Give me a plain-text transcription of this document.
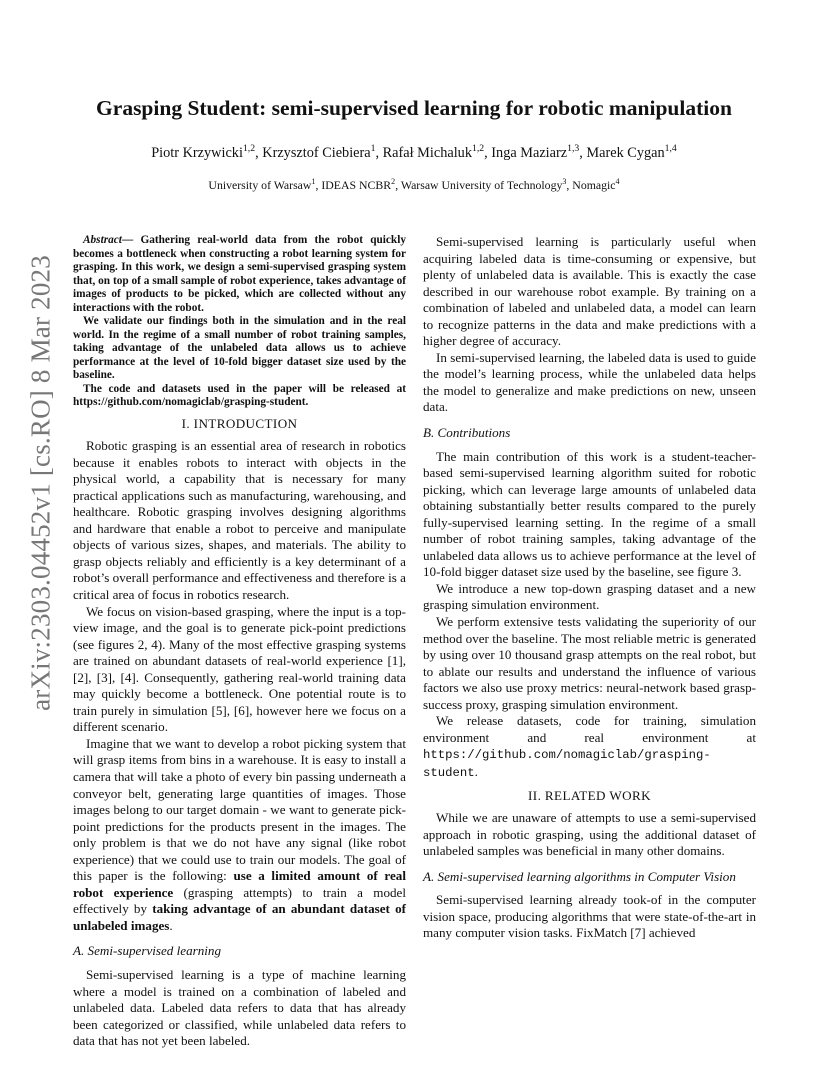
arXiv:2303.04452v1 [cs.RO] 8 Mar 2023
Grasping Student: semi-supervised learning for robotic manipulation
Piotr Krzywicki$^{1,2}$, Krzysztof Ciebiera$^1$, Rafał Michaluk$^{1,2}$, Inga Maziarz$^{1,3}$, Marek Cygan$^{1,4}$
University of Warsaw$^1$, IDEAS NCBR$^2$, Warsaw University of Technology$^3$, Nomagic$^4$

Abstract— Gathering real-world data from the robot quickly becomes a bottleneck when constructing a robot learning system for grasping. In this work, we design a semi-supervised grasping system that, on top of a small sample of robot experience, takes advantage of images of products to be picked, which are collected without any interactions with the robot.

We validate our findings both in the simulation and in the real world. In the regime of a small number of robot training samples, taking advantage of the unlabeled data allows us to achieve performance at the level of 10-fold bigger dataset size used by the baseline.

The code and datasets used in the paper will be released at https://github.com/nomagiclab/grasping-student.

I. INTRODUCTION

Robotic grasping is an essential area of research in robotics because it enables robots to interact with objects in the physical world, a capability that is necessary for many practical applications such as manufacturing, warehousing, and healthcare. Robotic grasping involves designing algorithms and hardware that enable a robot to perceive and manipulate objects of various sizes, shapes, and materials. The ability to grasp objects reliably and efficiently is a key determinant of a robot’s overall performance and effectiveness and therefore is a critical area of focus in robotics research.

We focus on vision-based grasping, where the input is a top-view image, and the goal is to generate pick-point predictions (see figures 2, 4). Many of the most effective grasping systems are trained on abundant datasets of real-world experience [1], [2], [3], [4]. Consequently, gathering real-world training data may quickly become a bottleneck. One potential route is to train purely in simulation [5], [6], however here we focus on a different scenario.

Imagine that we want to develop a robot picking system that will grasp items from bins in a warehouse. It is easy to install a camera that will take a photo of every bin passing underneath a conveyor belt, generating large quantities of images. Those images belong to our target domain - we want to generate pick-point predictions for the products present in the images. The only problem is that we do not have any signal (like robot experience) that we could use to train our models. The goal of this paper is the following: use a limited amount of real robot experience (grasping attempts) to train a model effectively by taking advantage of an abundant dataset of unlabeled images.

A. Semi-supervised learning

Semi-supervised learning is a type of machine learning where a model is trained on a combination of labeled and unlabeled data. Labeled data refers to data that has already been categorized or classified, while unlabeled data refers to data that has not yet been labeled.

Semi-supervised learning is particularly useful when acquiring labeled data is time-consuming or expensive, but plenty of unlabeled data is available. This is exactly the case described in our warehouse robot example. By training on a combination of labeled and unlabeled data, a model can learn to recognize patterns in the data and make predictions with a higher degree of accuracy.

In semi-supervised learning, the labeled data is used to guide the model’s learning process, while the unlabeled data helps the model to generalize and make predictions on new, unseen data.

B. Contributions

The main contribution of this work is a student-teacher-based semi-supervised learning algorithm suited for robotic picking, which can leverage large amounts of unlabeled data obtaining substantially better results compared to the purely fully-supervised learning setting. In the regime of a small number of robot training samples, taking advantage of the unlabeled data allows us to achieve performance at the level of 10-fold bigger dataset size used by the baseline, see figure 3.

We introduce a new top-down grasping dataset and a new grasping simulation environment.

We perform extensive tests validating the superiority of our method over the baseline. The most reliable metric is generated by using over 10 thousand grasp attempts on the real robot, but to ablate our results and understand the influence of various factors we also use proxy metrics: neural-network based grasp-success proxy, grasping simulation environment.

We release datasets, code for training, simulation environment and real environment at https://github.com/nomagiclab/grasping-student.

II. RELATED WORK

While we are unaware of attempts to use a semi-supervised approach in robotic grasping, using the additional dataset of unlabeled samples was beneficial in many other domains.

A. Semi-supervised learning algorithms in Computer Vision

Semi-supervised learning already took-of in the computer vision space, producing algorithms that were state-of-the-art in many computer vision tasks. FixMatch [7] achieved
